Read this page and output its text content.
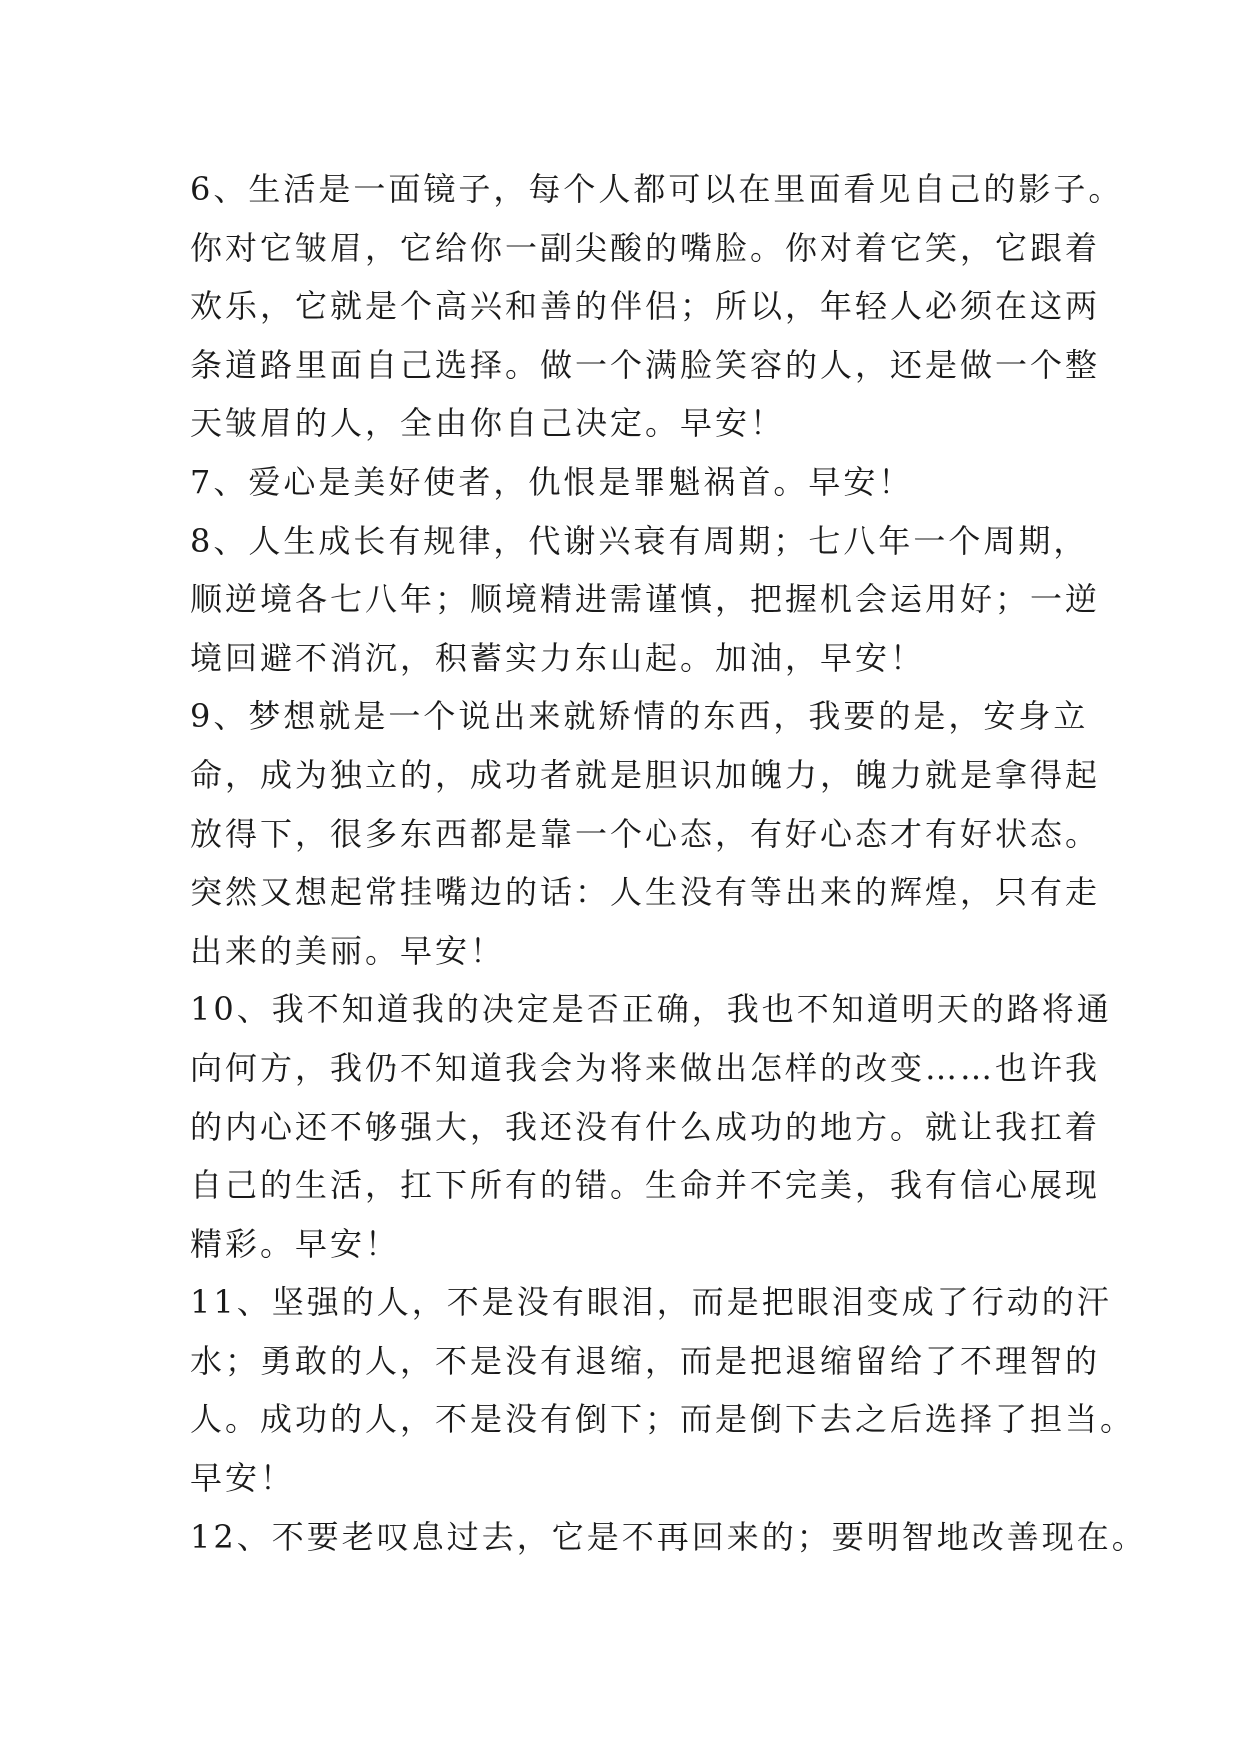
6、生活是一面镜子，每个人都可以在里面看见自己的影子。
你对它皱眉，它给你一副尖酸的嘴脸。你对着它笑，它跟着
欢乐，它就是个高兴和善的伴侣；所以，年轻人必须在这两
条道路里面自己选择。做一个满脸笑容的人，还是做一个整
天皱眉的人，全由你自己决定。早安！
7、爱心是美好使者，仇恨是罪魁祸首。早安！
8、人生成长有规律，代谢兴衰有周期；七八年一个周期，
顺逆境各七八年；顺境精进需谨慎，把握机会运用好；一逆
境回避不消沉，积蓄实力东山起。加油，早安！
9、梦想就是一个说出来就矫情的东西，我要的是，安身立
命，成为独立的，成功者就是胆识加魄力，魄力就是拿得起
放得下，很多东西都是靠一个心态，有好心态才有好状态。
突然又想起常挂嘴边的话：人生没有等出来的辉煌，只有走
出来的美丽。早安！
10、我不知道我的决定是否正确，我也不知道明天的路将通
向何方，我仍不知道我会为将来做出怎样的改变……也许我
的内心还不够强大，我还没有什么成功的地方。就让我扛着
自己的生活，扛下所有的错。生命并不完美，我有信心展现
精彩。早安！
11、坚强的人，不是没有眼泪，而是把眼泪变成了行动的汗
水；勇敢的人，不是没有退缩，而是把退缩留给了不理智的
人。成功的人，不是没有倒下；而是倒下去之后选择了担当。
早安！
12、不要老叹息过去，它是不再回来的；要明智地改善现在。
